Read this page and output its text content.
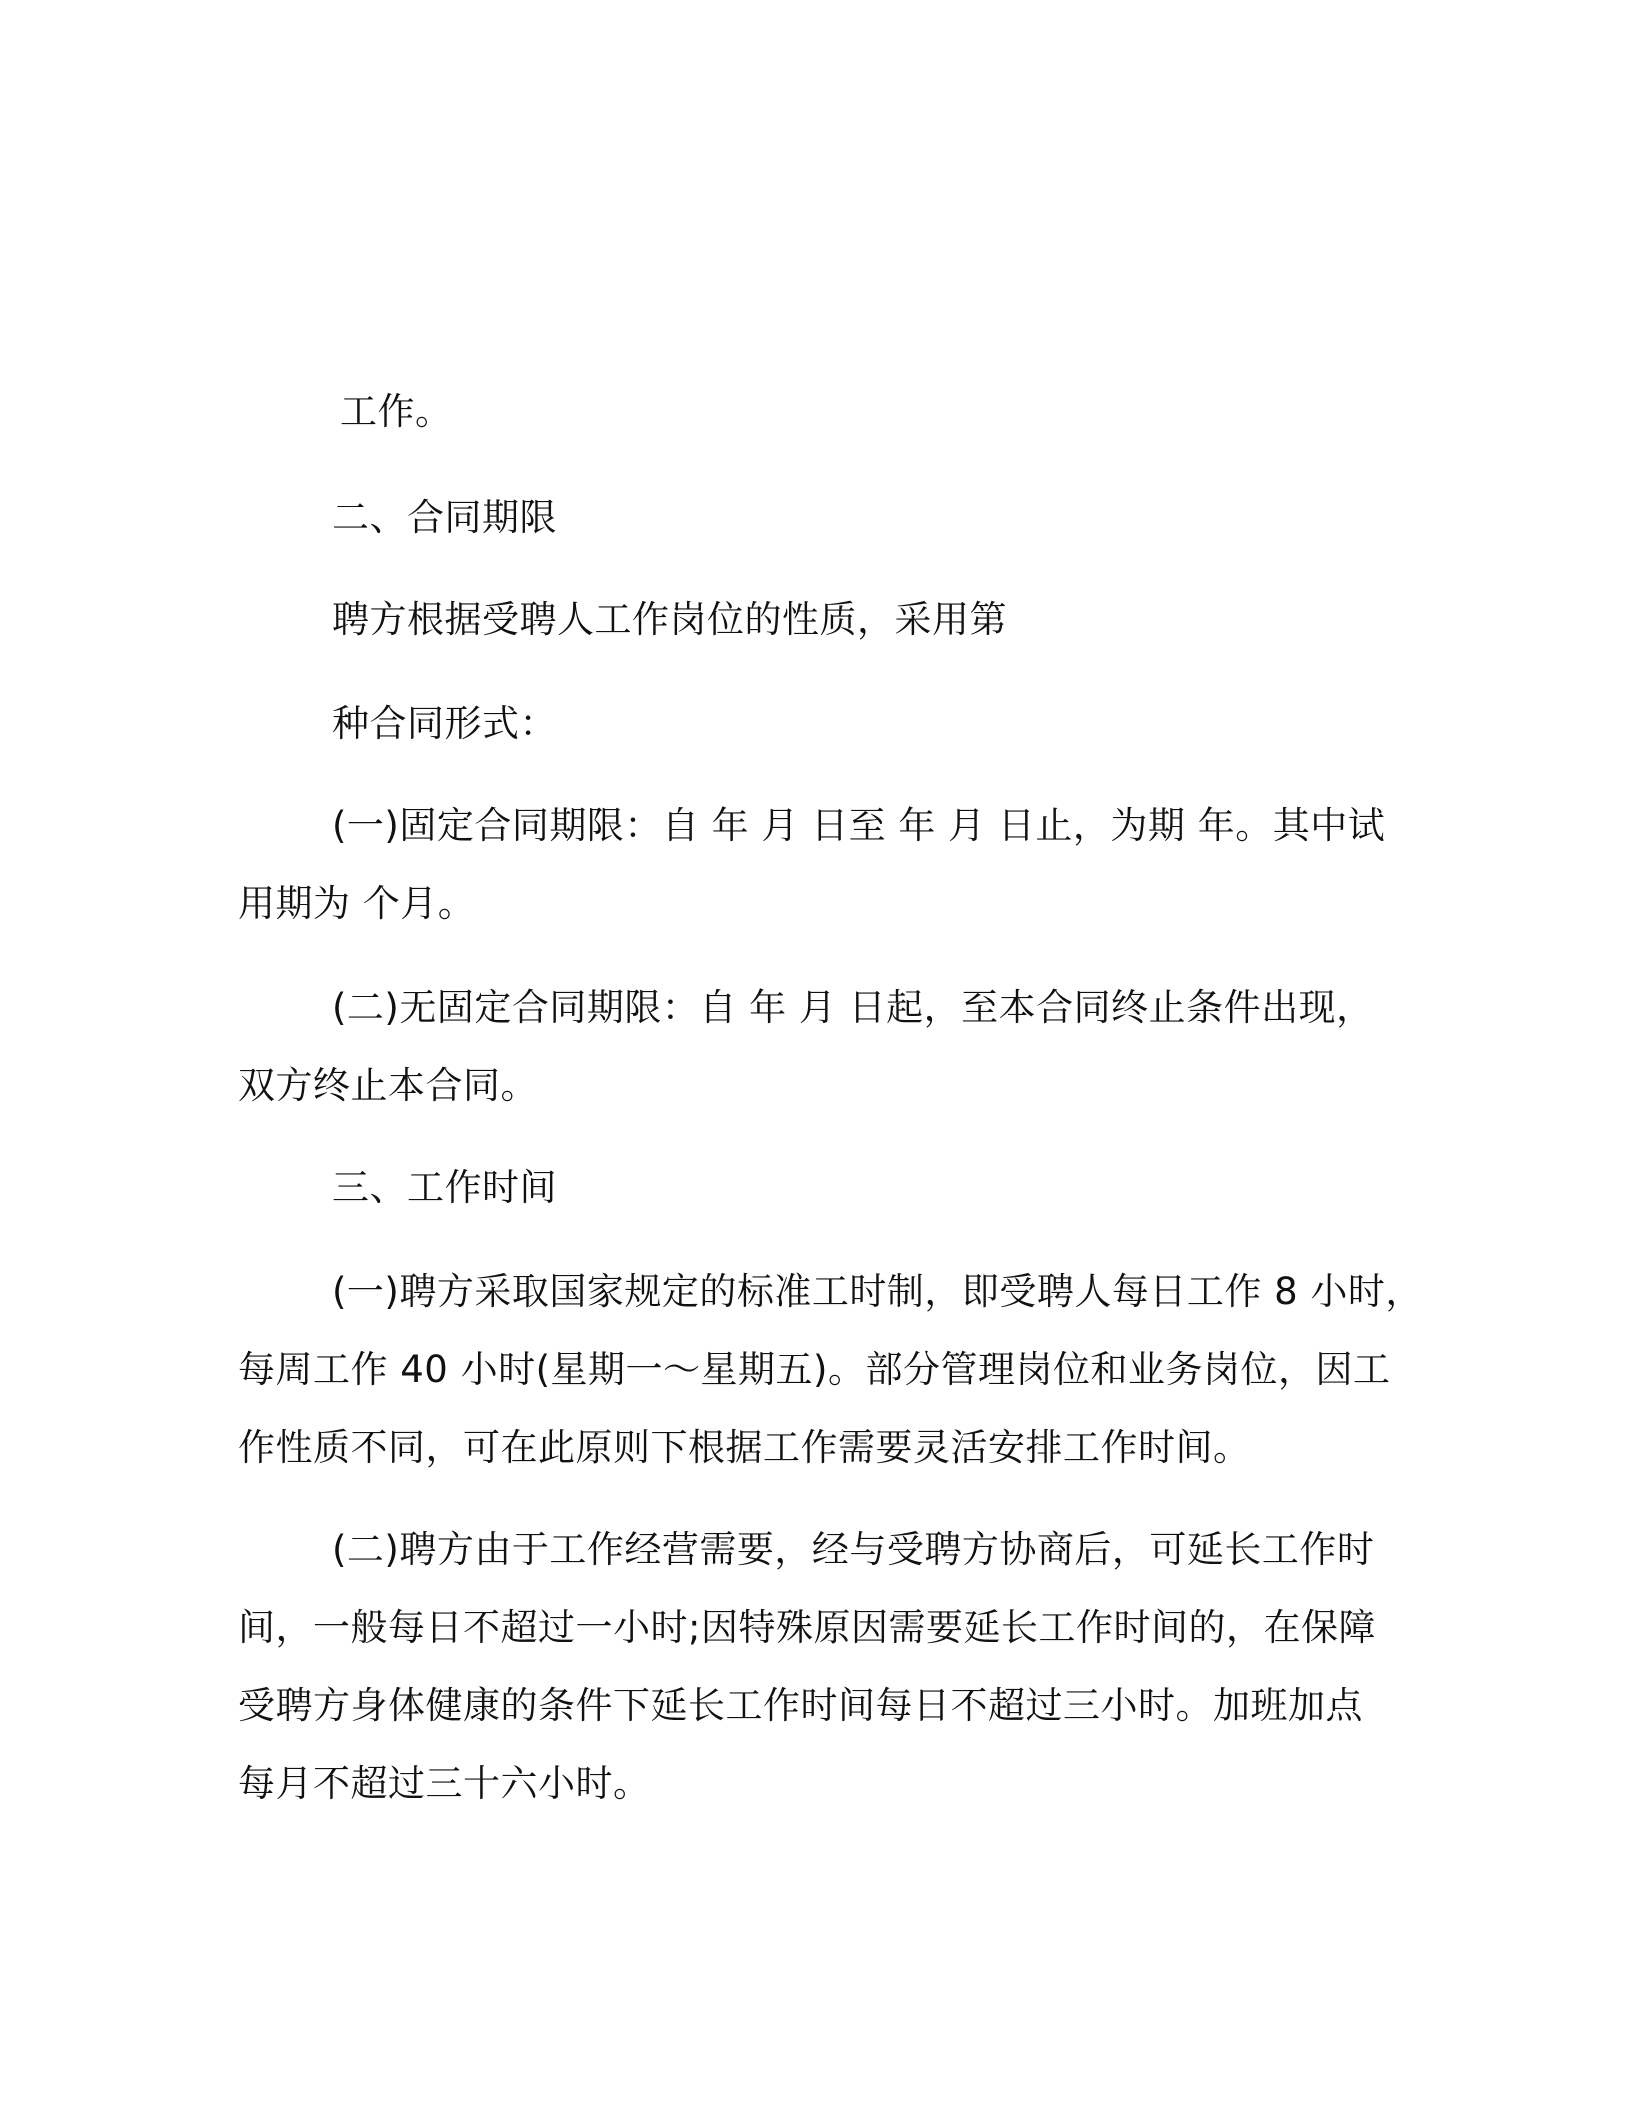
工作。

二、合同期限

聘方根据受聘人工作岗位的性质，采用第

种合同形式：

(一)固定合同期限：自 年 月 日至 年 月 日止，为期 年。其中试

用期为 个月。

(二)无固定合同期限：自 年 月 日起，至本合同终止条件出现，

双方终止本合同。

三、工作时间

(一)聘方采取国家规定的标准工时制，即受聘人每日工作 8 小时，

每周工作 40 小时(星期一～星期五)。部分管理岗位和业务岗位，因工

作性质不同，可在此原则下根据工作需要灵活安排工作时间。

(二)聘方由于工作经营需要，经与受聘方协商后，可延长工作时

间，一般每日不超过一小时;因特殊原因需要延长工作时间的，在保障

受聘方身体健康的条件下延长工作时间每日不超过三小时。加班加点

每月不超过三十六小时。
